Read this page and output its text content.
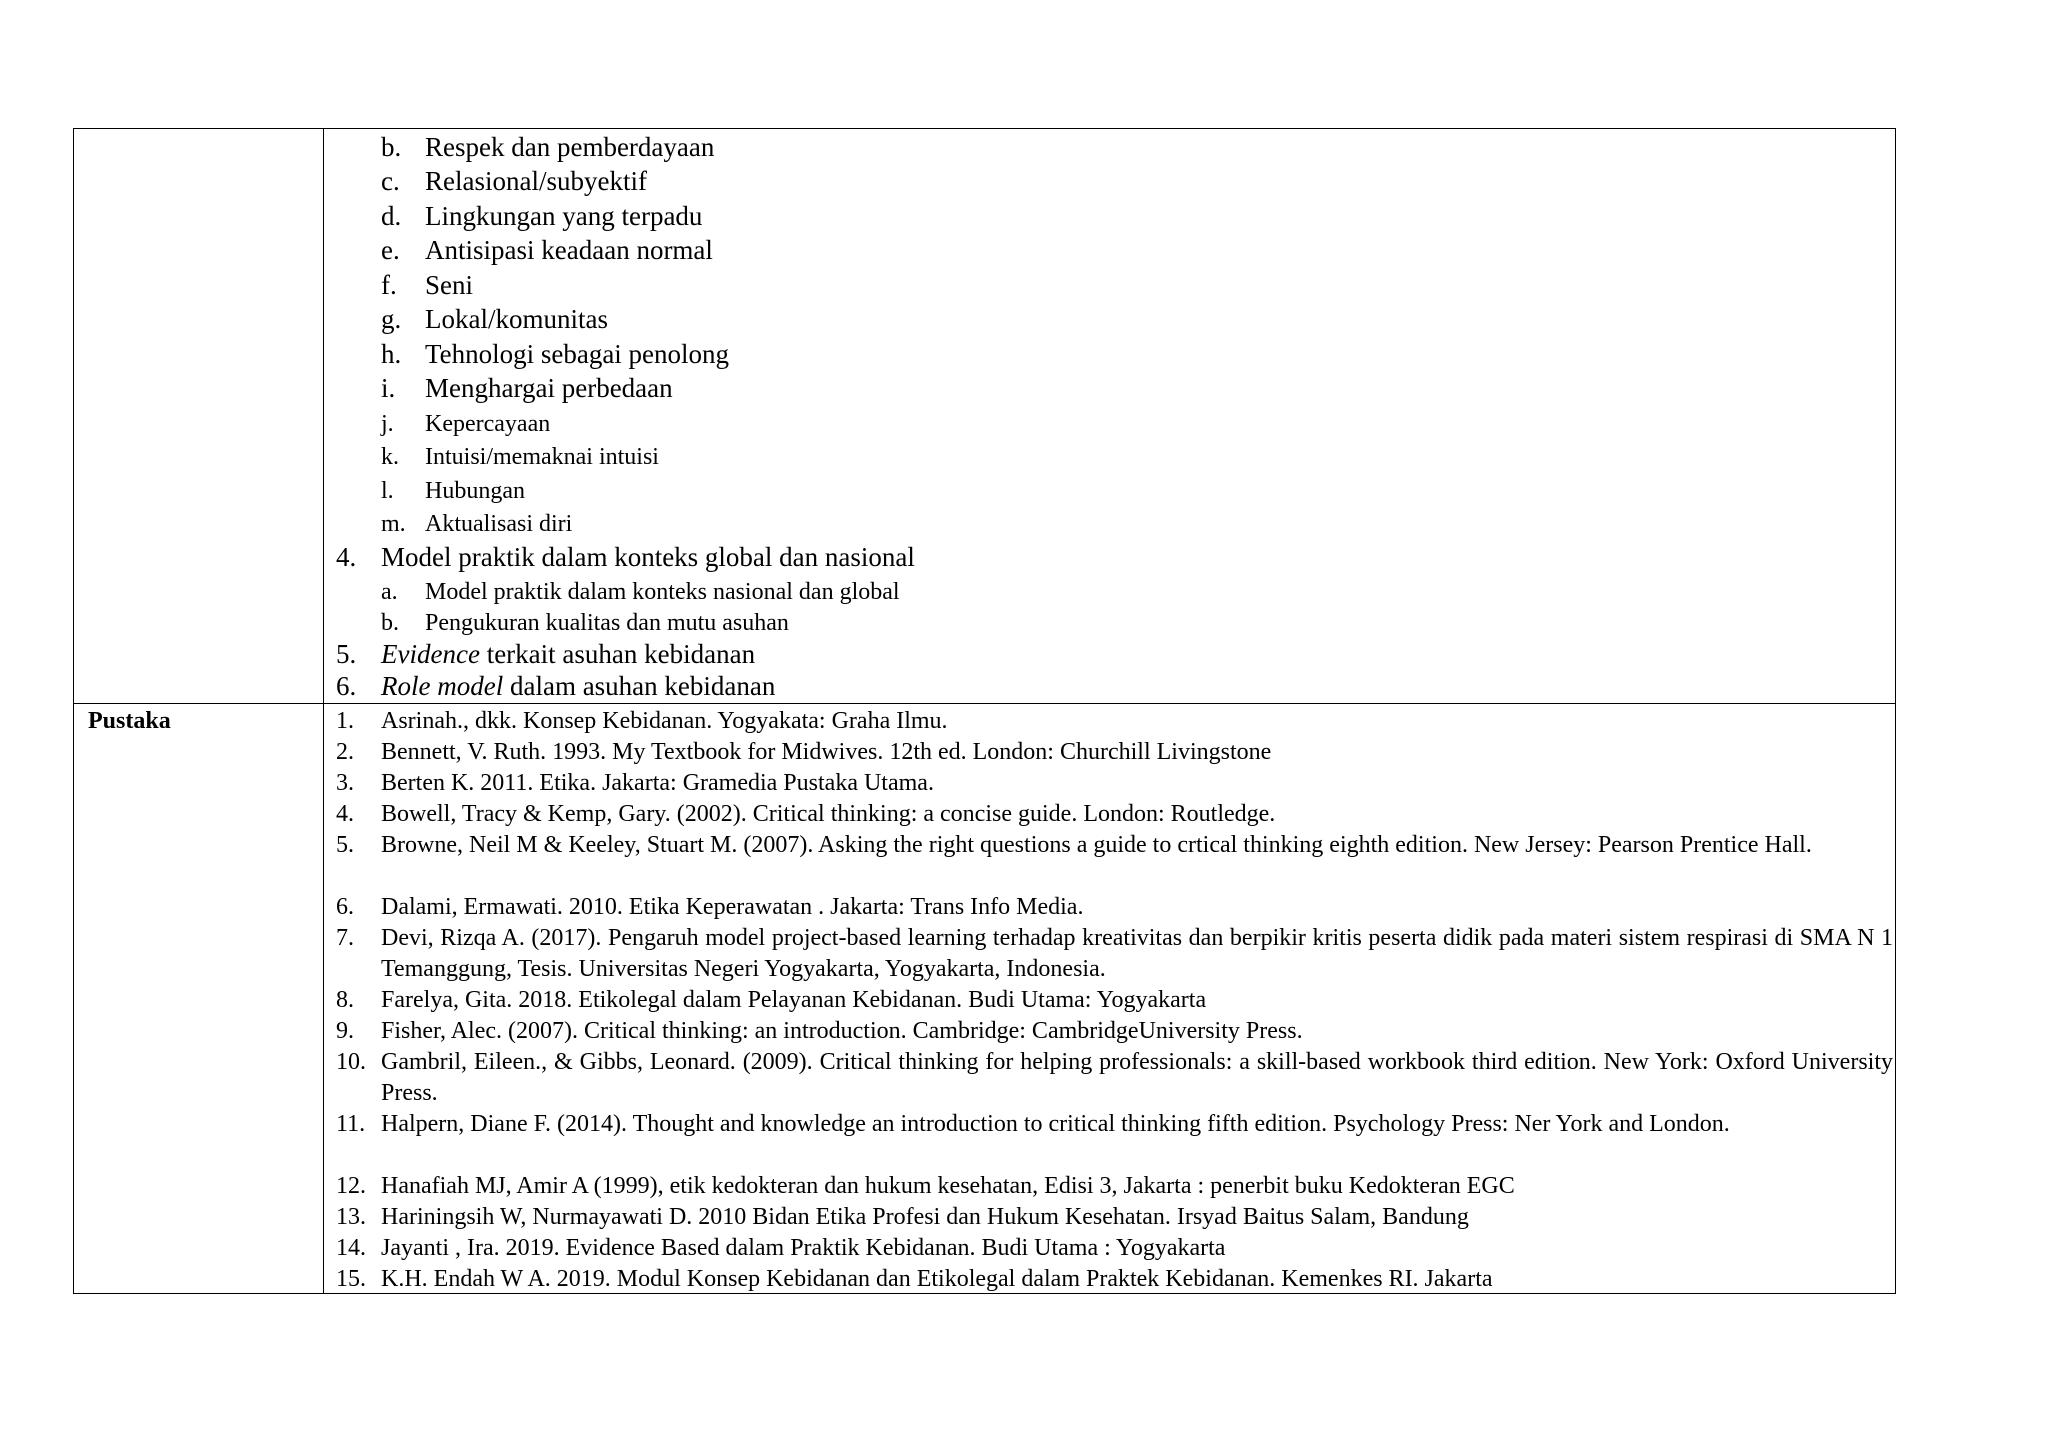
b. Respek dan pemberdayaan
c. Relasional/subyektif
d. Lingkungan yang terpadu
e. Antisipasi keadaan normal
f. Seni
g. Lokal/komunitas
h. Tehnologi sebagai penolong
i. Menghargai perbedaan
j. Kepercayaan
k. Intuisi/memaknai intuisi
l. Hubungan
m. Aktualisasi diri
4. Model praktik dalam konteks global dan nasional
a. Model praktik dalam konteks nasional dan global
b. Pengukuran kualitas dan mutu asuhan
5. Evidence terkait asuhan kebidanan
6. Role model dalam asuhan kebidanan
Pustaka	1. Asrinah., dkk. Konsep Kebidanan. Yogyakata: Graha Ilmu.
2. Bennett, V. Ruth. 1993. My Textbook for Midwives. 12th ed. London: Churchill Livingstone
3. Berten K. 2011. Etika. Jakarta: Gramedia Pustaka Utama.
4. Bowell, Tracy & Kemp, Gary. (2002). Critical thinking: a concise guide. London: Routledge.
5. Browne, Neil M & Keeley, Stuart M. (2007). Asking the right questions a guide to crtical thinking eighth edition. New Jersey: Pearson Prentice Hall.
6. Dalami, Ermawati. 2010. Etika Keperawatan . Jakarta: Trans Info Media.
7. Devi, Rizqa A. (2017). Pengaruh model project-based learning terhadap kreativitas dan berpikir kritis peserta didik pada materi sistem respirasi di SMA N 1 Temanggung, Tesis. Universitas Negeri Yogyakarta, Yogyakarta, Indonesia.
8. Farelya, Gita. 2018. Etikolegal dalam Pelayanan Kebidanan. Budi Utama: Yogyakarta
9. Fisher, Alec. (2007). Critical thinking: an introduction. Cambridge: CambridgeUniversity Press.
10. Gambril, Eileen., & Gibbs, Leonard. (2009). Critical thinking for helping professionals: a skill-based workbook third edition. New York: Oxford University Press.
11. Halpern, Diane F. (2014). Thought and knowledge an introduction to critical thinking fifth edition. Psychology Press: Ner York and London.
12. Hanafiah MJ, Amir A (1999), etik kedokteran dan hukum kesehatan, Edisi 3, Jakarta : penerbit buku Kedokteran EGC
13. Hariningsih W, Nurmayawati D. 2010 Bidan Etika Profesi dan Hukum Kesehatan. Irsyad Baitus Salam, Bandung
14. Jayanti , Ira. 2019. Evidence Based dalam Praktik Kebidanan. Budi Utama : Yogyakarta
15. K.H. Endah W A. 2019. Modul Konsep Kebidanan dan Etikolegal dalam Praktek Kebidanan. Kemenkes RI. Jakarta
